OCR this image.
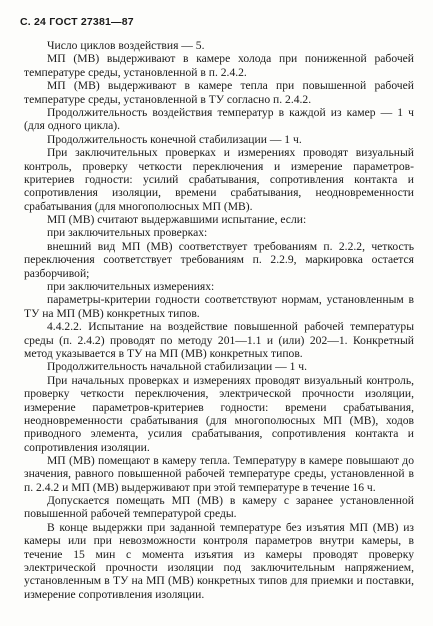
С. 24 ГОСТ 27381—87

Число циклов воздействия — 5.

МП (МВ) выдерживают в камере холода при пониженной рабочей температуре среды, установленной в п. 2.4.2.

МП (МВ) выдерживают в камере тепла при повышенной рабочей температуре среды, установленной в ТУ согласно п. 2.4.2.

Продолжительность воздействия температур в каждой из камер — 1 ч (для одного цикла).

Продолжительность конечной стабилизации — 1 ч.

При заключительных проверках и измерениях проводят визуальный контроль, проверку четкости переключения и измерение параметров-критериев годности: усилий срабатывания, сопротивления контакта и сопротивления изоляции, времени срабатывания, неодновременности срабатывания (для многополюсных МП (МВ).

МП (МВ) считают выдержавшими испытание, если:

при заключительных проверках:

внешний вид МП (МВ) соответствует требованиям п. 2.2.2, четкость переключения соответствует требованиям п. 2.2.9, маркировка остается разборчивой;

при заключительных измерениях:

параметры-критерии годности соответствуют нормам, установленным в ТУ на МП (МВ) конкретных типов.

4.4.2.2. Испытание на воздействие повышенной рабочей температуры среды (п. 2.4.2) проводят по методу 201—1.1 и (или) 202—1. Конкретный метод указывается в ТУ на МП (МВ) конкретных типов.

Продолжительность начальной стабилизации — 1 ч.

При начальных проверках и измерениях проводят визуальный контроль, проверку четкости переключения, электрической прочности изоляции, измерение параметров-критериев годности: времени срабатывания, неодновременности срабатывания (для многополюсных МП (МВ), ходов приводного элемента, усилия срабатывания, сопротивления контакта и сопротивления изоляции.

МП (МВ) помещают в камеру тепла. Температуру в камере повышают до значения, равного повышенной рабочей температуре среды, установленной в п. 2.4.2 и МП (МВ) выдерживают при этой температуре в течение 16 ч.

Допускается помещать МП (МВ) в камеру с заранее установленной повышенной рабочей температурой среды.

В конце выдержки при заданной температуре без изъятия МП (МВ) из камеры или при невозможности контроля параметров внутри камеры, в течение 15 мин с момента изъятия из камеры проводят проверку электрической прочности изоляции под заключительным напряжением, установленным в ТУ на МП (МВ) конкретных типов для приемки и поставки, измерение сопротивления изоляции.
